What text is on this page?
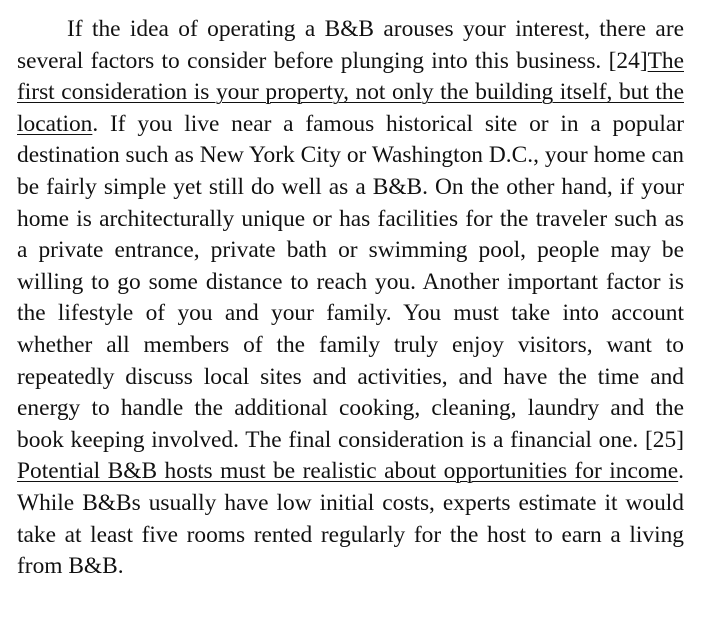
If the idea of operating a B&B arouses your interest, there are several factors to consider before plunging into this business. [24]The first consideration is your property, not only the building itself, but the location. If you live near a famous historical site or in a popular destination such as New York City or Washington D.C., your home can be fairly simple yet still do well as a B&B. On the other hand, if your home is architecturally unique or has facilities for the traveler such as a private entrance, private bath or swimming pool, people may be willing to go some distance to reach you. Another important factor is the lifestyle of you and your family. You must take into account whether all members of the family truly enjoy visitors, want to repeatedly discuss local sites and activities, and have the time and energy to handle the additional cooking, cleaning, laundry and the book keeping involved. The final consideration is a financial one. [25] Potential B&B hosts must be realistic about opportunities for income. While B&Bs usually have low initial costs, experts estimate it would take at least five rooms rented regularly for the host to earn a living from B&B.
